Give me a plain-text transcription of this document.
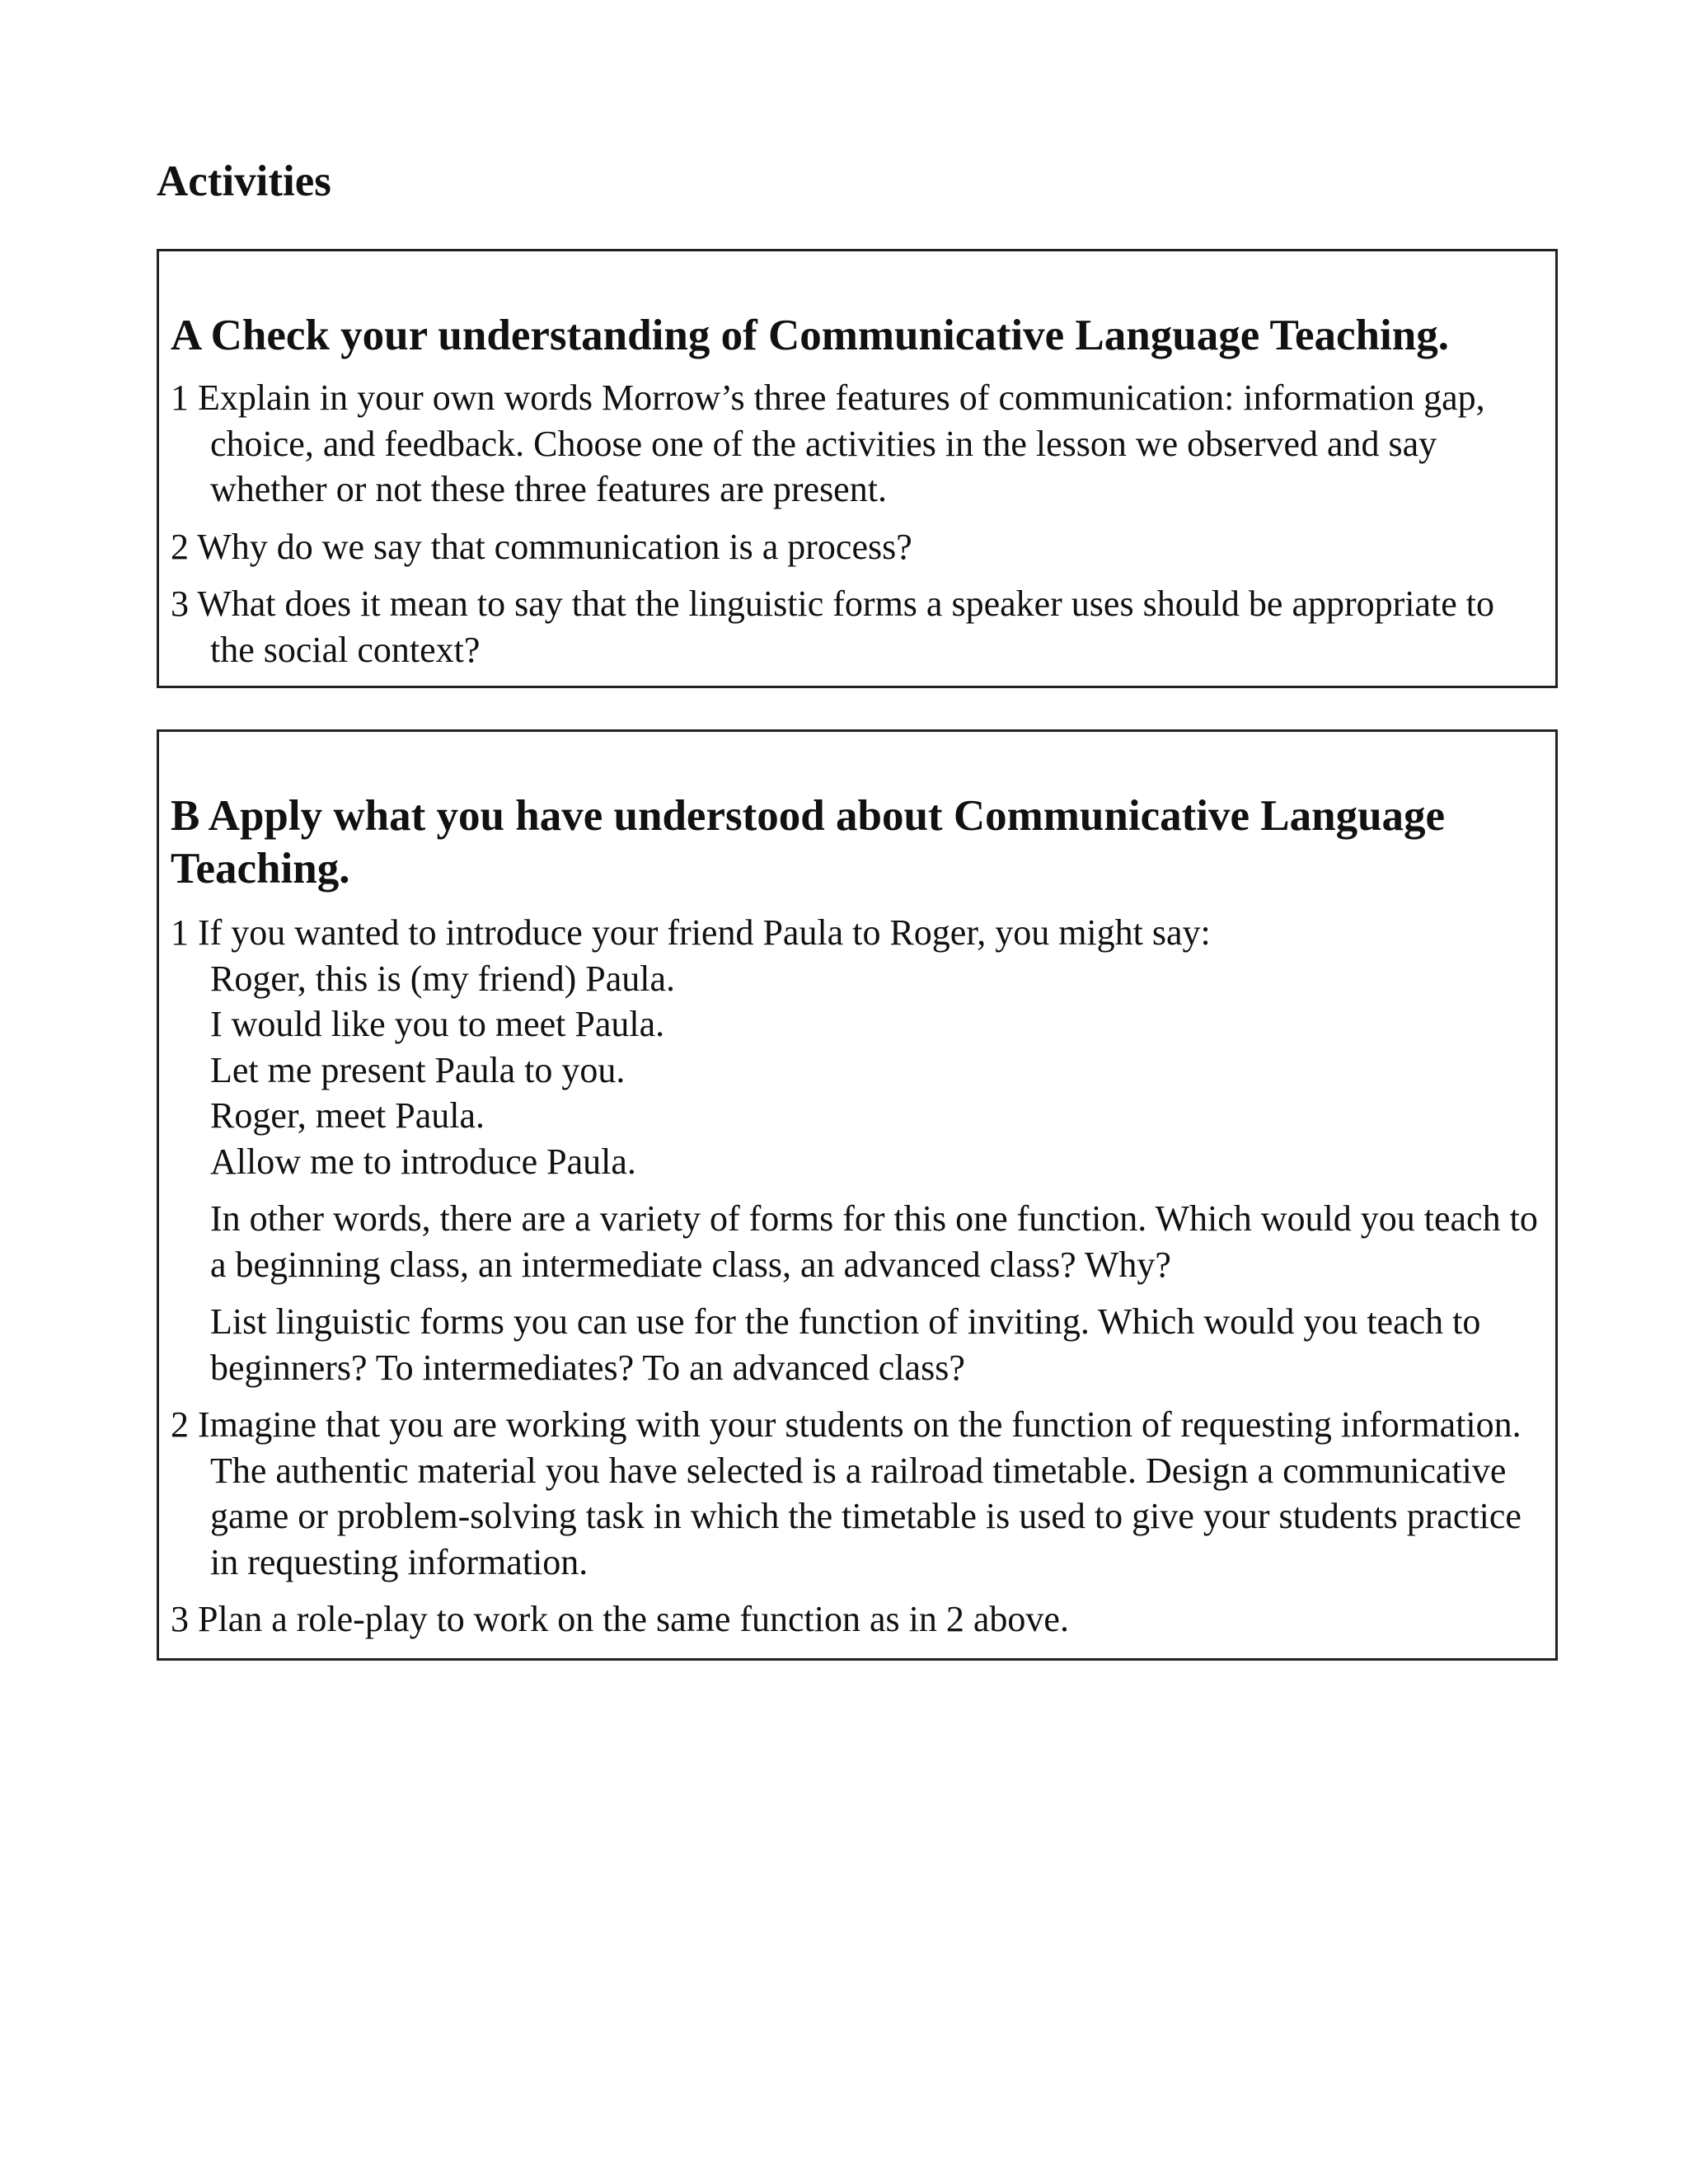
Activities
A Check your understanding of Communicative Language Teaching.

1 Explain in your own words Morrow’s three features of communication: information gap, choice, and feedback. Choose one of the activities in the lesson we observed and say whether or not these three features are present.

2 Why do we say that communication is a process?

3 What does it mean to say that the linguistic forms a speaker uses should be appropriate to the social context?

B Apply what you have understood about Communicative Language Teaching.

1 If you wanted to introduce your friend Paula to Roger, you might say:

Roger, this is (my friend) Paula.

I would like you to meet Paula.

Let me present Paula to you.

Roger, meet Paula.

Allow me to introduce Paula.

In other words, there are a variety of forms for this one function. Which would you teach to a beginning class, an intermediate class, an advanced class? Why?

List linguistic forms you can use for the function of inviting. Which would you teach to beginners? To intermediates? To an advanced class?

2 Imagine that you are working with your students on the function of requesting information. The authentic material you have selected is a railroad timetable. Design a communicative game or problem-solving task in which the timetable is used to give your students practice in requesting information.

3 Plan a role-play to work on the same function as in 2 above.
